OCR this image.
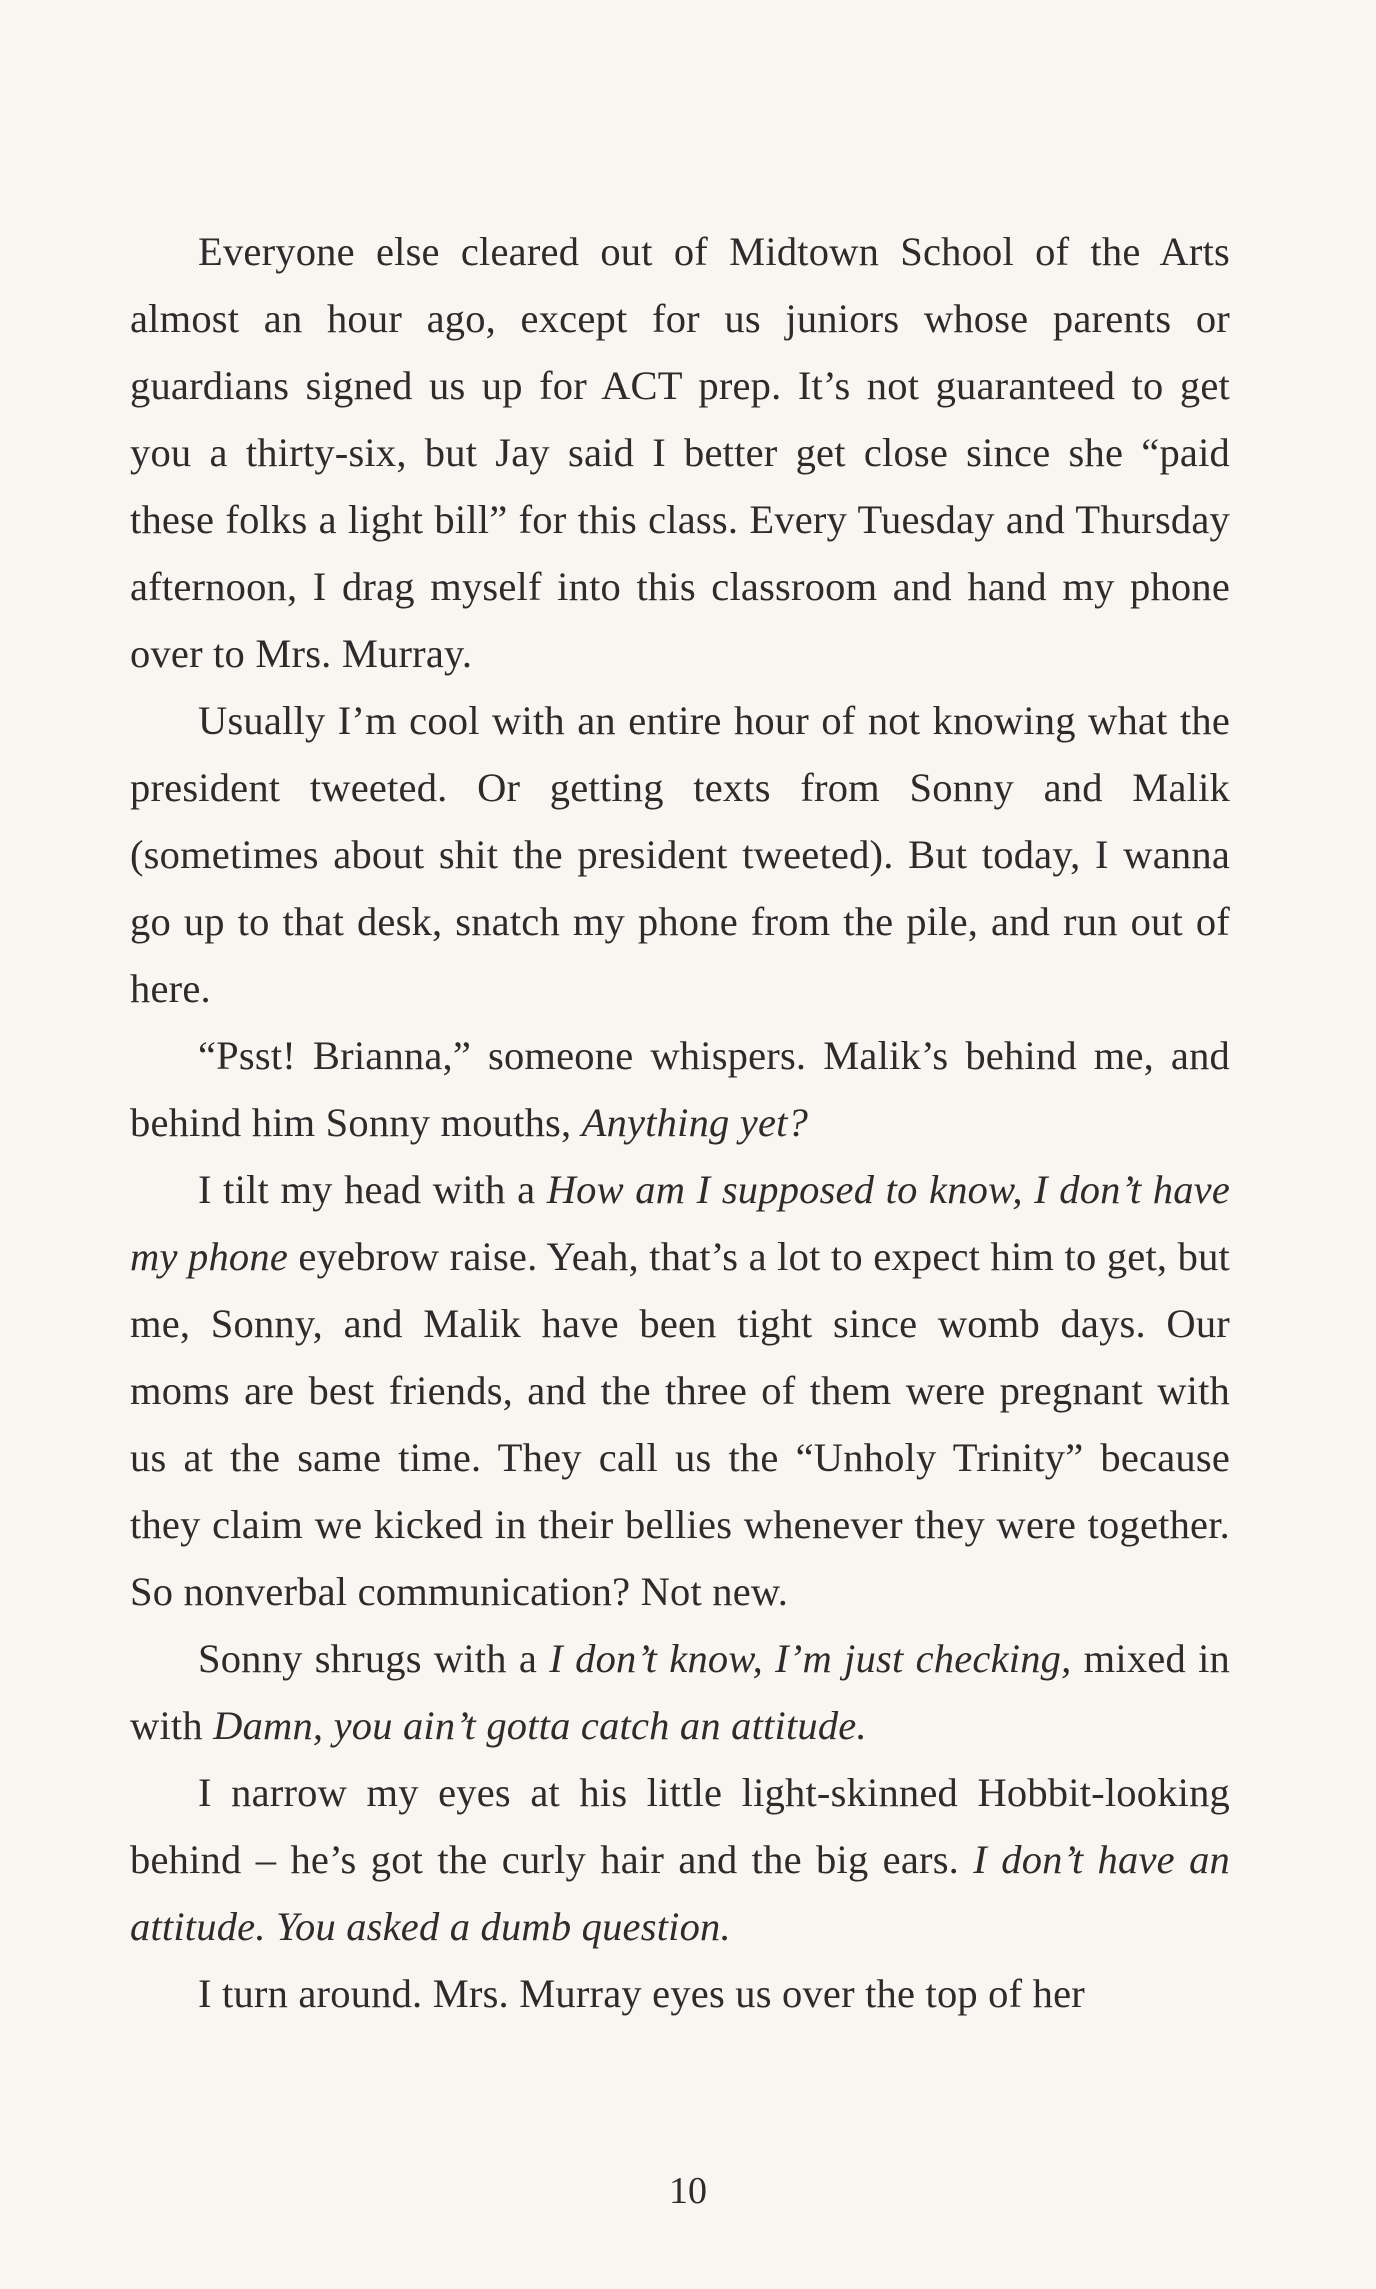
Everyone else cleared out of Midtown School of the Arts almost an hour ago, except for us juniors whose parents or guardians signed us up for ACT prep. It’s not guaranteed to get you a thirty-six, but Jay said I better get close since she “paid these folks a light bill” for this class. Every Tuesday and Thursday afternoon, I drag myself into this classroom and hand my phone over to Mrs. Murray.

Usually I’m cool with an entire hour of not knowing what the president tweeted. Or getting texts from Sonny and Malik (sometimes about shit the president tweeted). But today, I wanna go up to that desk, snatch my phone from the pile, and run out of here.

“Psst! Brianna,” someone whispers. Malik’s behind me, and behind him Sonny mouths, Anything yet?

I tilt my head with a How am I supposed to know, I don’t have my phone eyebrow raise. Yeah, that’s a lot to expect him to get, but me, Sonny, and Malik have been tight since womb days. Our moms are best friends, and the three of them were pregnant with us at the same time. They call us the “Unholy Trinity” because they claim we kicked in their bellies whenever they were together. So nonverbal communication? Not new.

Sonny shrugs with a I don’t know, I’m just checking, mixed in with Damn, you ain’t gotta catch an attitude.

I narrow my eyes at his little light-skinned Hobbit-looking behind – he’s got the curly hair and the big ears. I don’t have an attitude. You asked a dumb question.

I turn around. Mrs. Murray eyes us over the top of her

10
